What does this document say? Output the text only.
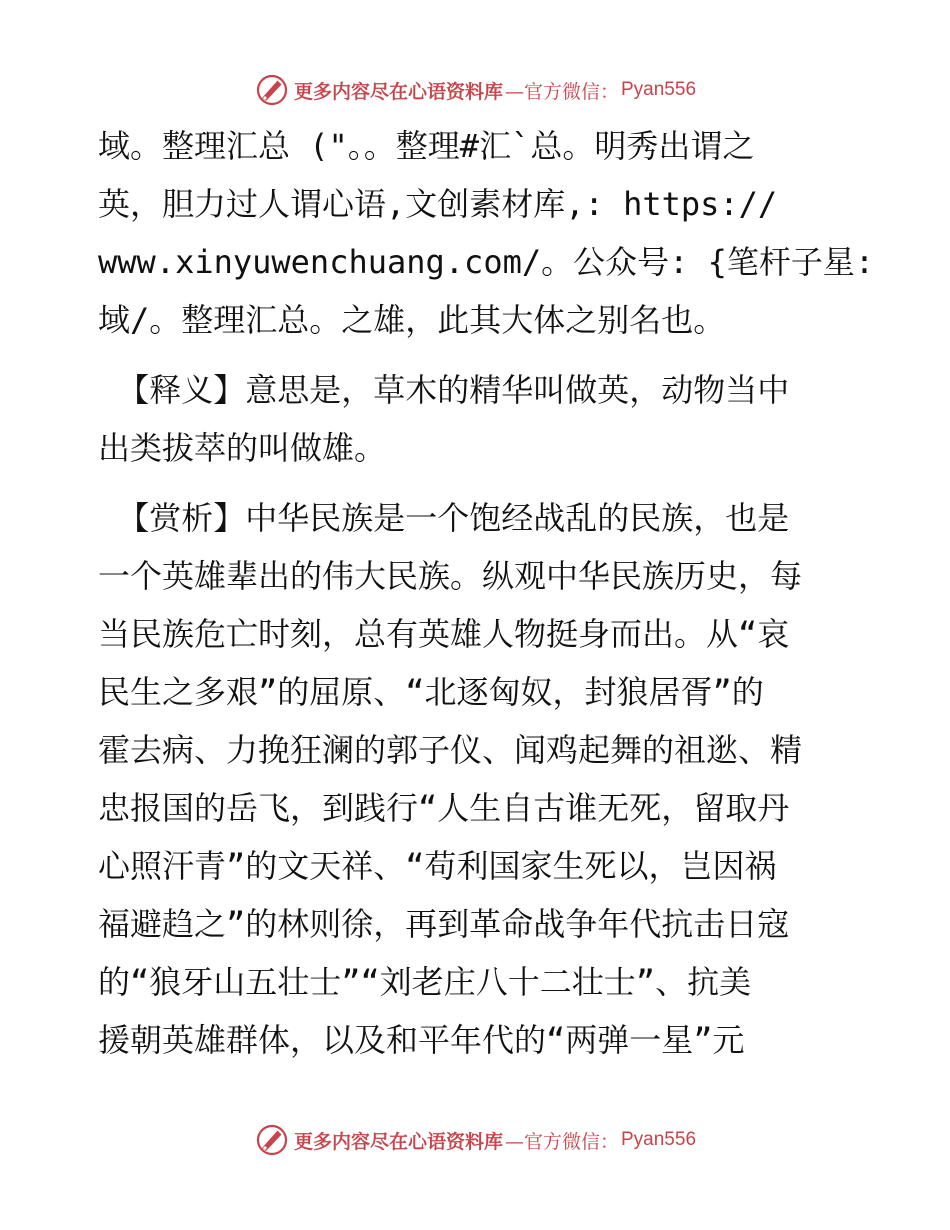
更多内容尽在心语资料库 —官方微信： Pyan556
域。整理汇总 ("。。整理#汇`总。明秀出谓之
英，胆力过人谓心语,文创素材库,: https://
www.xinyuwenchuang.com/。公众号: {笔杆子星:
域/。整理汇总。之雄，此其大体之别名也。
【释义】意思是，草木的精华叫做英，动物当中
出类拔萃的叫做雄。
【赏析】中华民族是一个饱经战乱的民族，也是
一个英雄辈出的伟大民族。纵观中华民族历史，每
当民族危亡时刻，总有英雄人物挺身而出。从“哀
民生之多艰”的屈原、“北逐匈奴，封狼居胥”的
霍去病、力挽狂澜的郭子仪、闻鸡起舞的祖逖、精
忠报国的岳飞，到践行“人生自古谁无死，留取丹
心照汗青”的文天祥、“苟利国家生死以，岂因祸
福避趋之”的林则徐，再到革命战争年代抗击日寇
的“狼牙山五壮士”“刘老庄八十二壮士”、抗美
援朝英雄群体，以及和平年代的“两弹一星”元
更多内容尽在心语资料库 —官方微信： Pyan556
